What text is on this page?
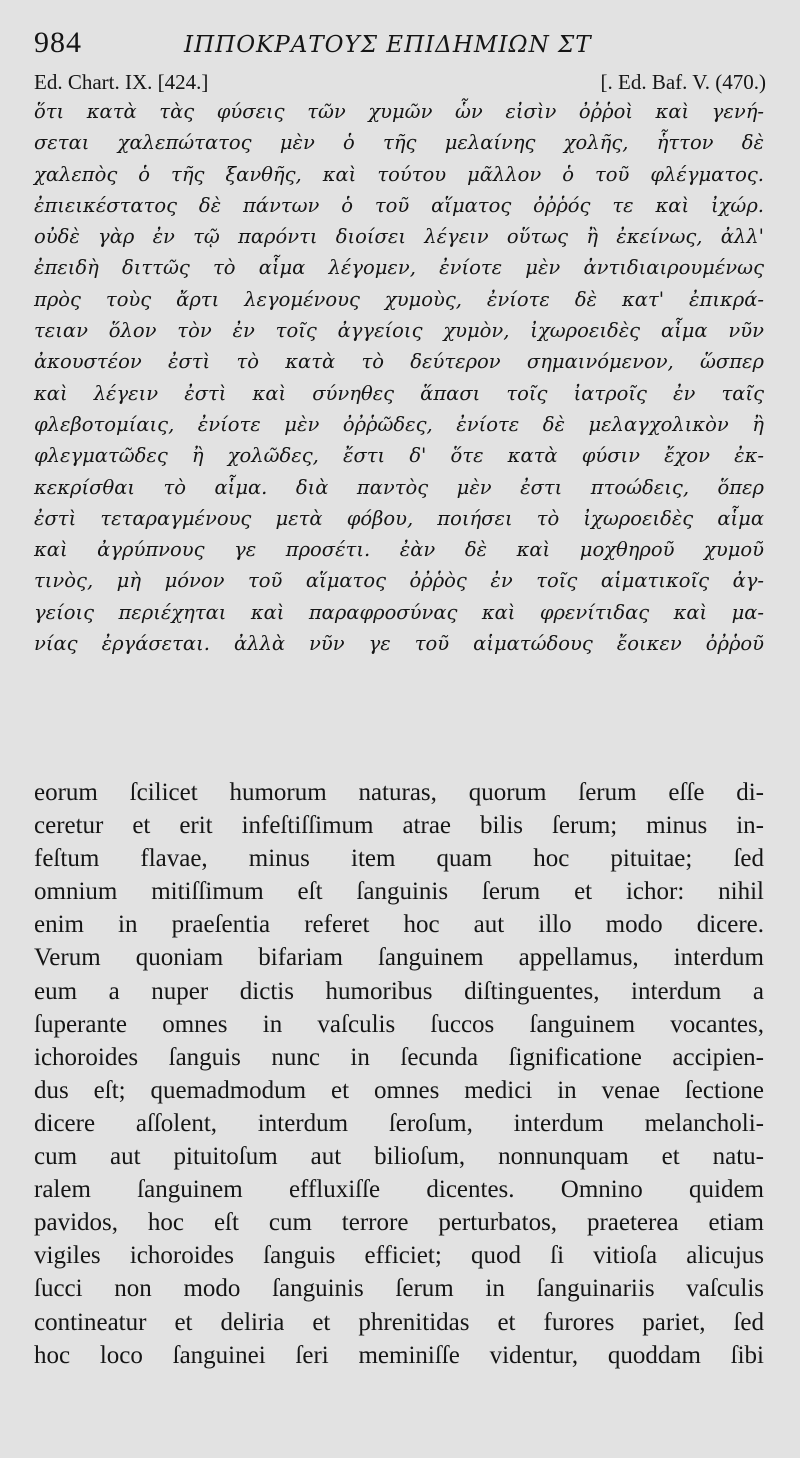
984	ΙΠΠΟΚΡΑΤΟΥΣ ΕΠΙΔΗΜΙΩΝ ΣΤ
Ed. Chart. IX. [424.]	[. Ed. Baf. V. (470.)
ὅτι κατὰ τὰς φύσεις τῶν χυμῶν ὧν εἰσὶν ὀῤῥοὶ καὶ γενή-
σεται χαλεπώτατος μὲν ὁ τῆς μελαίνης χολῆς, ἧττον δὲ
χαλεπὸς ὁ τῆς ξανθῆς, καὶ τούτου μᾶλλον ὁ τοῦ φλέγματος.
ἐπιεικέστατος δὲ πάντων ὁ τοῦ αἵματος ὀῤῥός τε καὶ ἰχώρ.
οὐδὲ γὰρ ἐν τῷ παρόντι διοίσει λέγειν οὕτως ἢ ἐκείνως, ἀλλ'
ἐπειδὴ διττῶς τὸ αἷμα λέγομεν, ἐνίοτε μὲν ἀντιδιαιρουμένως
πρὸς τοὺς ἄρτι λεγομένους χυμοὺς, ἐνίοτε δὲ κατ' ἐπικρά-
τειαν ὅλον τὸν ἐν τοῖς ἀγγείοις χυμὸν, ἰχωροειδὲς αἷμα νῦν
ἀκουστέον ἐστὶ τὸ κατὰ τὸ δεύτερον σημαινόμενον, ὥσπερ
καὶ λέγειν ἐστὶ καὶ σύνηθες ἅπασι τοῖς ἰατροῖς ἐν ταῖς
φλεβοτομίαις, ἐνίοτε μὲν ὀῤῥῶδες, ἐνίοτε δὲ μελαγχολικὸν ἢ
φλεγματῶδες ἢ χολῶδες, ἔστι δ' ὅτε κατὰ φύσιν ἔχον ἐκ-
κεκρίσθαι τὸ αἷμα. διὰ παντὸς μὲν ἐστι πτοώδεις, ὅπερ
ἐστὶ τεταραγμένους μετὰ φόβου, ποιήσει τὸ ἰχωροειδὲς αἷμα
καὶ ἀγρύπνους γε προσέτι. ἐὰν δὲ καὶ μοχθηροῦ χυμοῦ
τινὸς, μὴ μόνον τοῦ αἵματος ὀῤῥὸς ἐν τοῖς αἱματικοῖς ἀγ-
γείοις περιέχηται καὶ παραφροσύνας καὶ φρενίτιδας καὶ μα-
νίας ἐργάσεται. ἀλλὰ νῦν γε τοῦ αἱματώδους ἔοικεν ὀῤῥοῦ
eorum ſcilicet humorum naturas, quorum ſerum eſſe di-
ceretur et erit infeſtiſſimum atrae bilis ſerum; minus in-
feſtum flavae, minus item quam hoc pituitae; ſed
omnium mitiſſimum eſt ſanguinis ſerum et ichor: nihil
enim in praeſentia referet hoc aut illo modo dicere.
Verum quoniam bifariam ſanguinem appellamus, interdum
eum a nuper dictis humoribus diſtinguentes, interdum a
ſuperante omnes in vaſculis ſuccos ſanguinem vocantes,
ichoroides ſanguis nunc in ſecunda ſignificatione accipien-
dus eſt; quemadmodum et omnes medici in venae ſectione
dicere aſſolent, interdum ſeroſum, interdum melancholi-
cum aut pituitoſum aut bilioſum, nonnunquam et natu-
ralem ſanguinem effluxiſſe dicentes. Omnino quidem
pavidos, hoc eſt cum terrore perturbatos, praeterea etiam
vigiles ichoroides ſanguis efficiet; quod ſi vitioſa alicujus
ſucci non modo ſanguinis ſerum in ſanguinariis vaſculis
contineatur et deliria et phrenitidas et furores pariet, ſed
hoc loco ſanguinei ſeri meminiſſe videntur, quoddam ſibi
